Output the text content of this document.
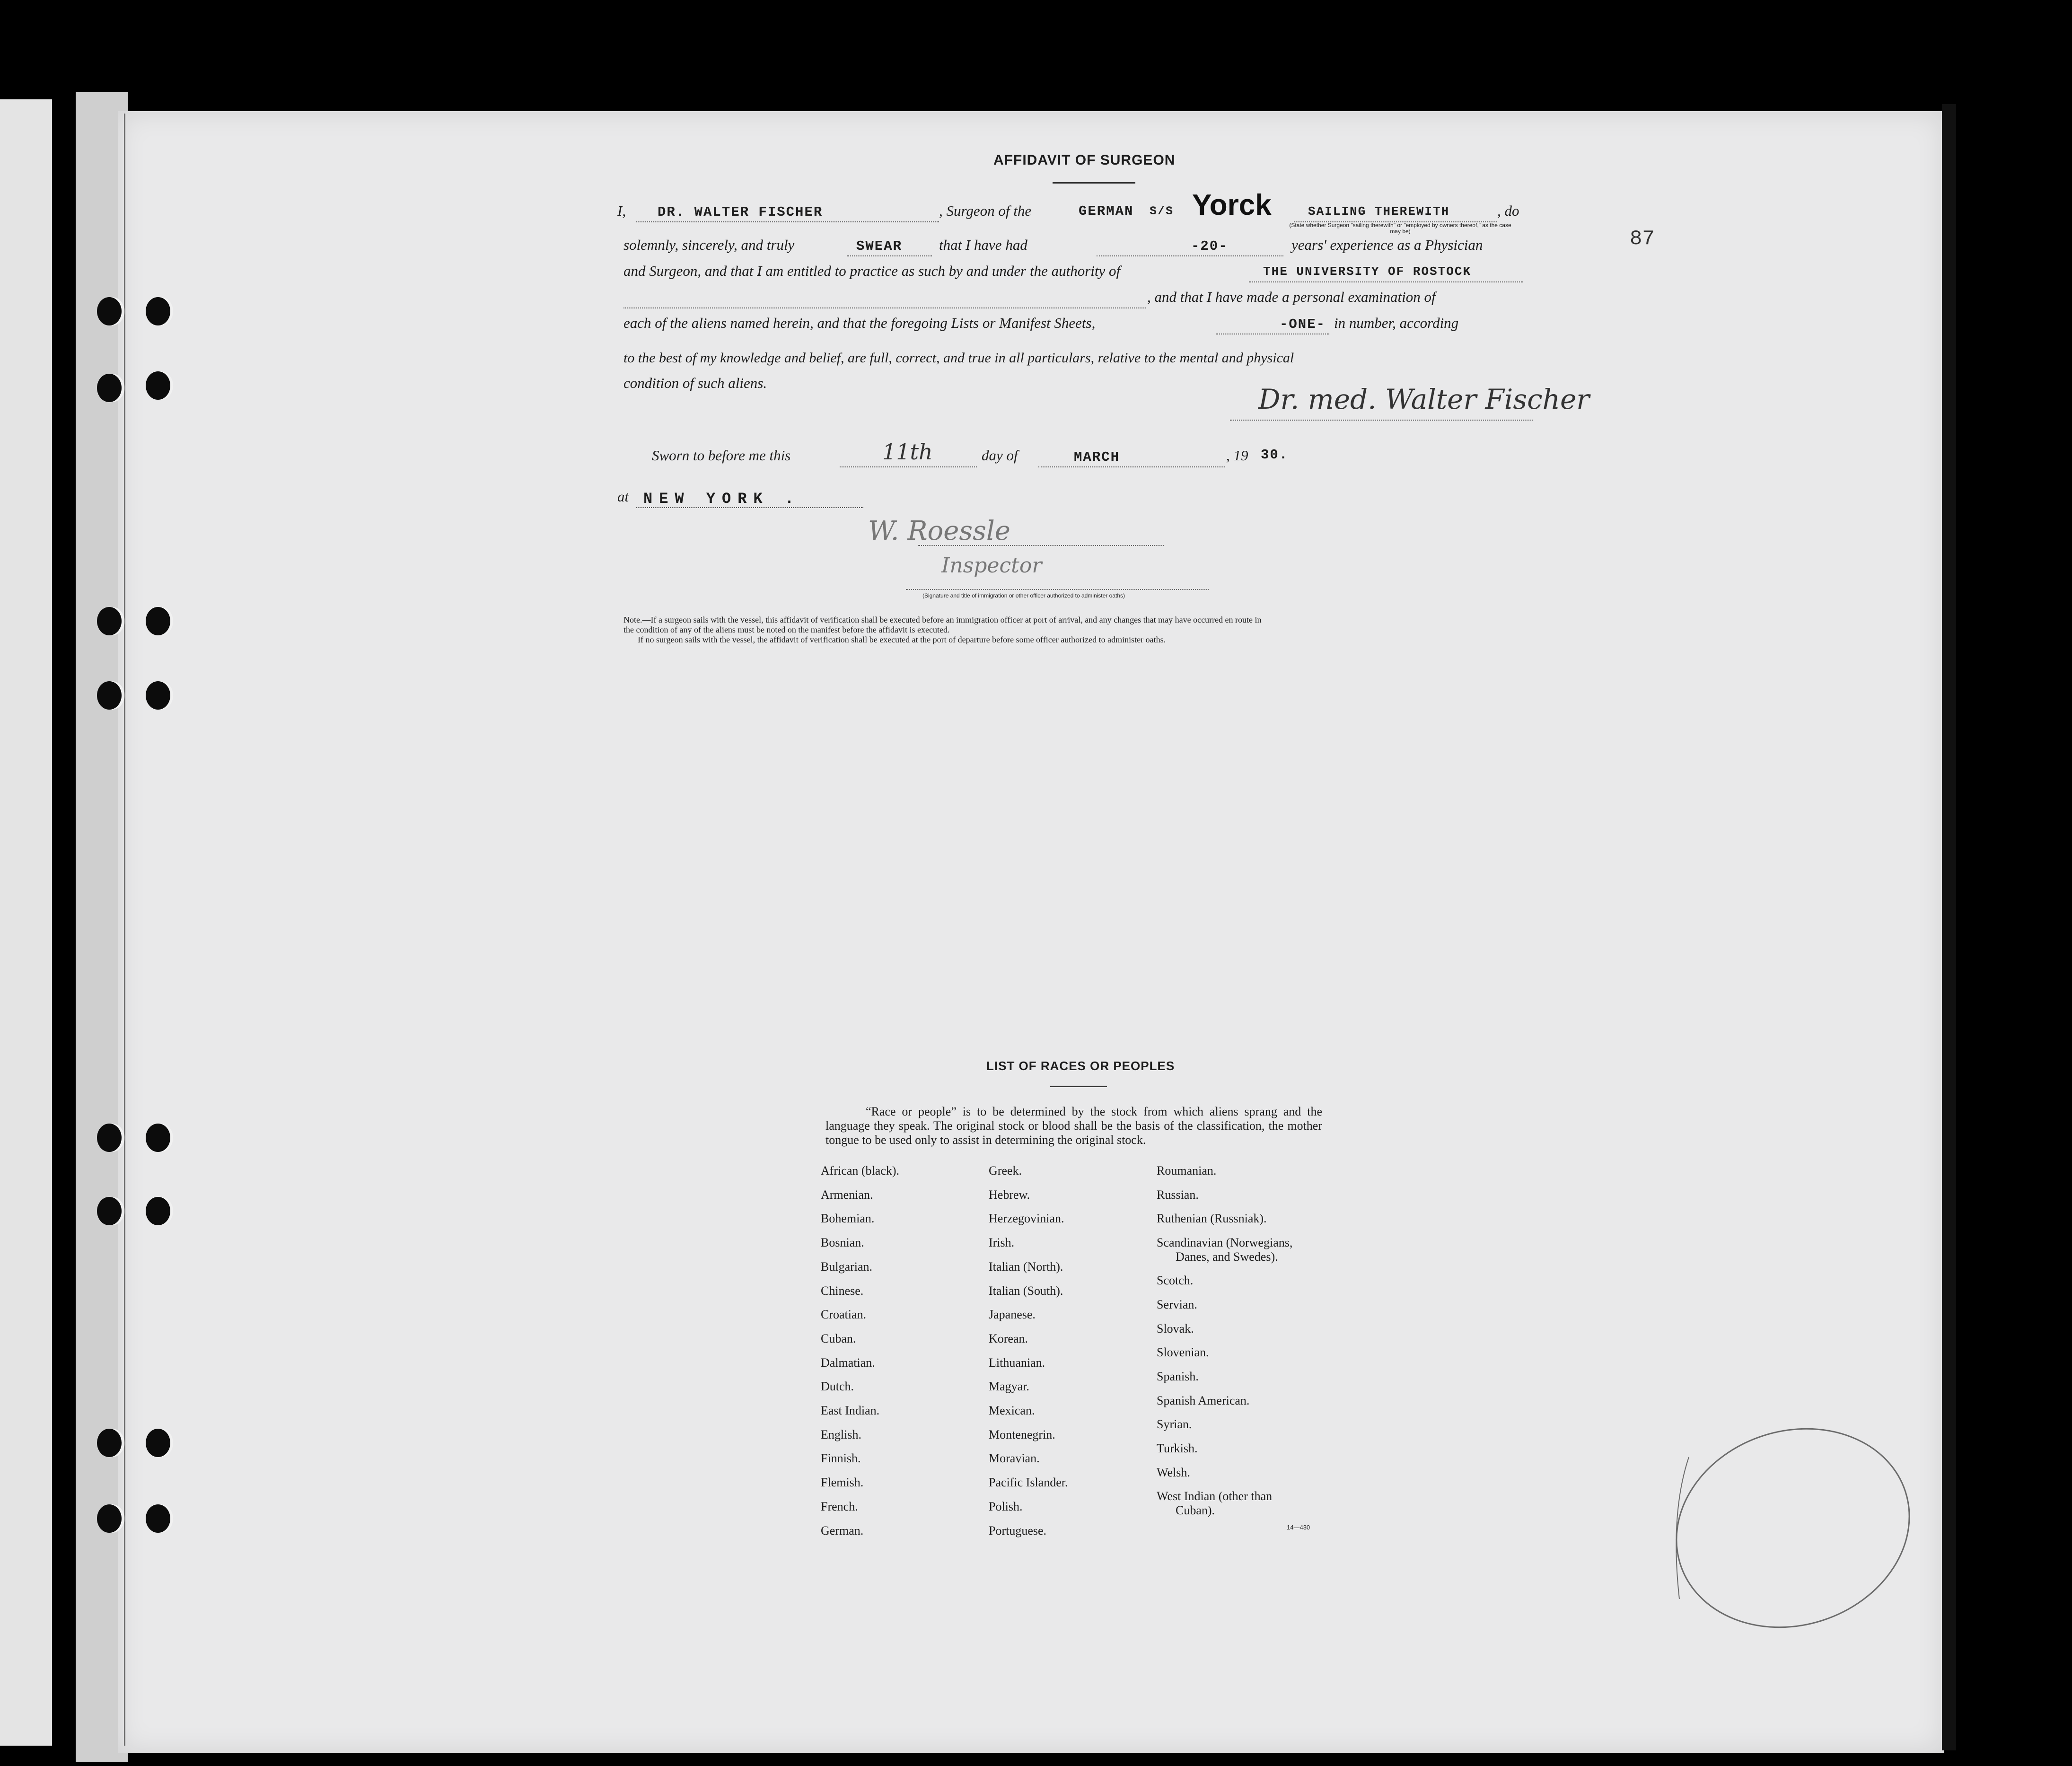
AFFIDAVIT OF SURGEON
I, DR. WALTER FISCHER	, Surgeon of the	GERMAN S/S Yorck	SAILING THEREWITH	, do
(State whether Surgeon "sailing therewith" or "employed by owners thereof," as the case may be)
solemnly, sincerely, and truly	SWEAR	that I have had	-20-	years' experience as a Physician
and Surgeon, and that I am entitled to practice as such by and under the authority of	THE UNIVERSITY OF ROSTOCK
, and that I have made a personal examination of
each of the aliens named herein, and that the foregoing Lists or Manifest Sheets,	-ONE- in number, according
to the best of my knowledge and belief, are full, correct, and true in all particulars, relative to the mental and physical
condition of such aliens.
Dr. med. Walter Fischer
Sworn to before me this	11th	day of	MARCH	, 19 30.
at NEW YORK .
W. Roessle
Inspector
(Signature and title of immigration or other officer authorized to administer oaths)
Note.—If a surgeon sails with the vessel, this affidavit of verification shall be executed before an immigration officer at port of arrival, and any changes that may have occurred en route in
the condition of any of the aliens must be noted on the manifest before the affidavit is executed.
If no surgeon sails with the vessel, the affidavit of verification shall be executed at the port of departure before some officer authorized to administer oaths.
87
LIST OF RACES OR PEOPLES
“Race or people” is to be determined by the stock from which aliens sprang and the language they speak. The original stock or blood shall be the basis of the classification, the mother tongue to be used only to assist in determining the original stock.
African (black).
Armenian.
Bohemian.
Bosnian.
Bulgarian.
Chinese.
Croatian.
Cuban.
Dalmatian.
Dutch.
East Indian.
English.
Finnish.
Flemish.
French.
German.
Greek.
Hebrew.
Herzegovinian.
Irish.
Italian (North).
Italian (South).
Japanese.
Korean.
Lithuanian.
Magyar.
Mexican.
Montenegrin.
Moravian.
Pacific Islander.
Polish.
Portuguese.
Roumanian.
Russian.
Ruthenian (Russniak).
Scandinavian (Norwegians,
Danes, and Swedes).
Scotch.
Servian.
Slovak.
Slovenian.
Spanish.
Spanish American.
Syrian.
Turkish.
Welsh.
West Indian (other than
Cuban).
14—430
